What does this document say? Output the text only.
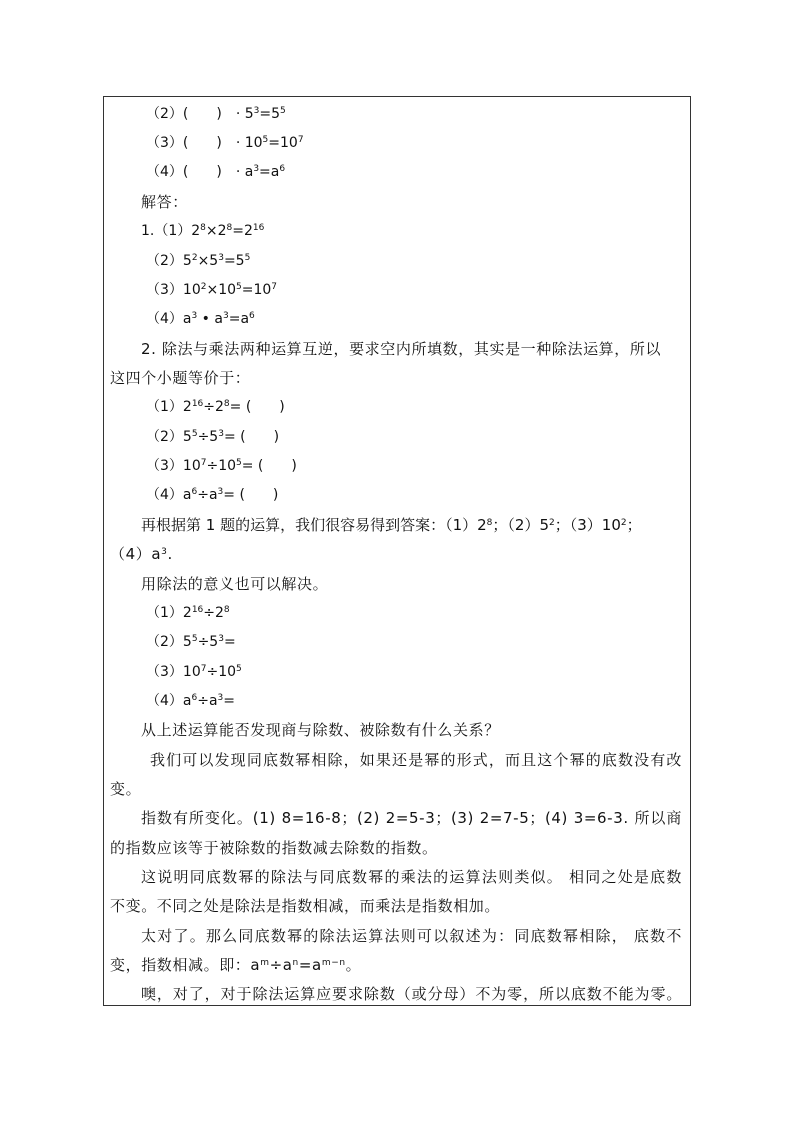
（2）(　　)　· $5^3=5^5$
（3）(　　)　· $10^5=10^7$
（4）(　　)　· $a^3=a^6$
解答：
$1.(1)2^8\times 2^8=2^{16}$
$(2)5^2\times 5^3=5^5$
$(3)10^2\times 10^5=10^7$
$(4)a^3$ • $a^3=a^6$
2. 除法与乘法两种运算互逆，要求空内所填数，其实是一种除法运算，所以
这四个小题等价于：
$(1)2^{16}\div 2^8=$ (　　)
$(2)5^5\div 5^3=$ (　　)
$(3)10^7\div 10^5=$ (　　)
$(4)a^6\div a^3=$ (　　)
再根据第 1 题的运算，我们很容易得到答案：$(1)2^8$；$(2)5^2$；$(3)10^2$；
$(4)a^3$.
用除法的意义也可以解决。
$(1)2^{16}\div 2^8$
$(2)5^5\div 5^3=$
$(3)10^7\div 10^5$
$(4)a^6\div a^3=$
从上述运算能否发现商与除数、被除数有什么关系？
我们可以发现同底数幂相除，如果还是幂的形式，而且这个幂的底数没有改
变。
指数有所变化。(1) 8=16-8；(2) 2=5-3；(3) 2=7-5；(4) 3=6-3. 所以商
的指数应该等于被除数的指数减去除数的指数。
这说明同底数幂的除法与同底数幂的乘法的运算法则类似。 相同之处是底数
不变。不同之处是除法是指数相减，而乘法是指数相加。
太对了。那么同底数幂的除法运算法则可以叙述为：同底数幂相除， 底数不
变，指数相减。即：$a^m\div a^n=a^{m-n}$。
噢，对了，对于除法运算应要求除数（或分母）不为零，所以底数不能为零。
